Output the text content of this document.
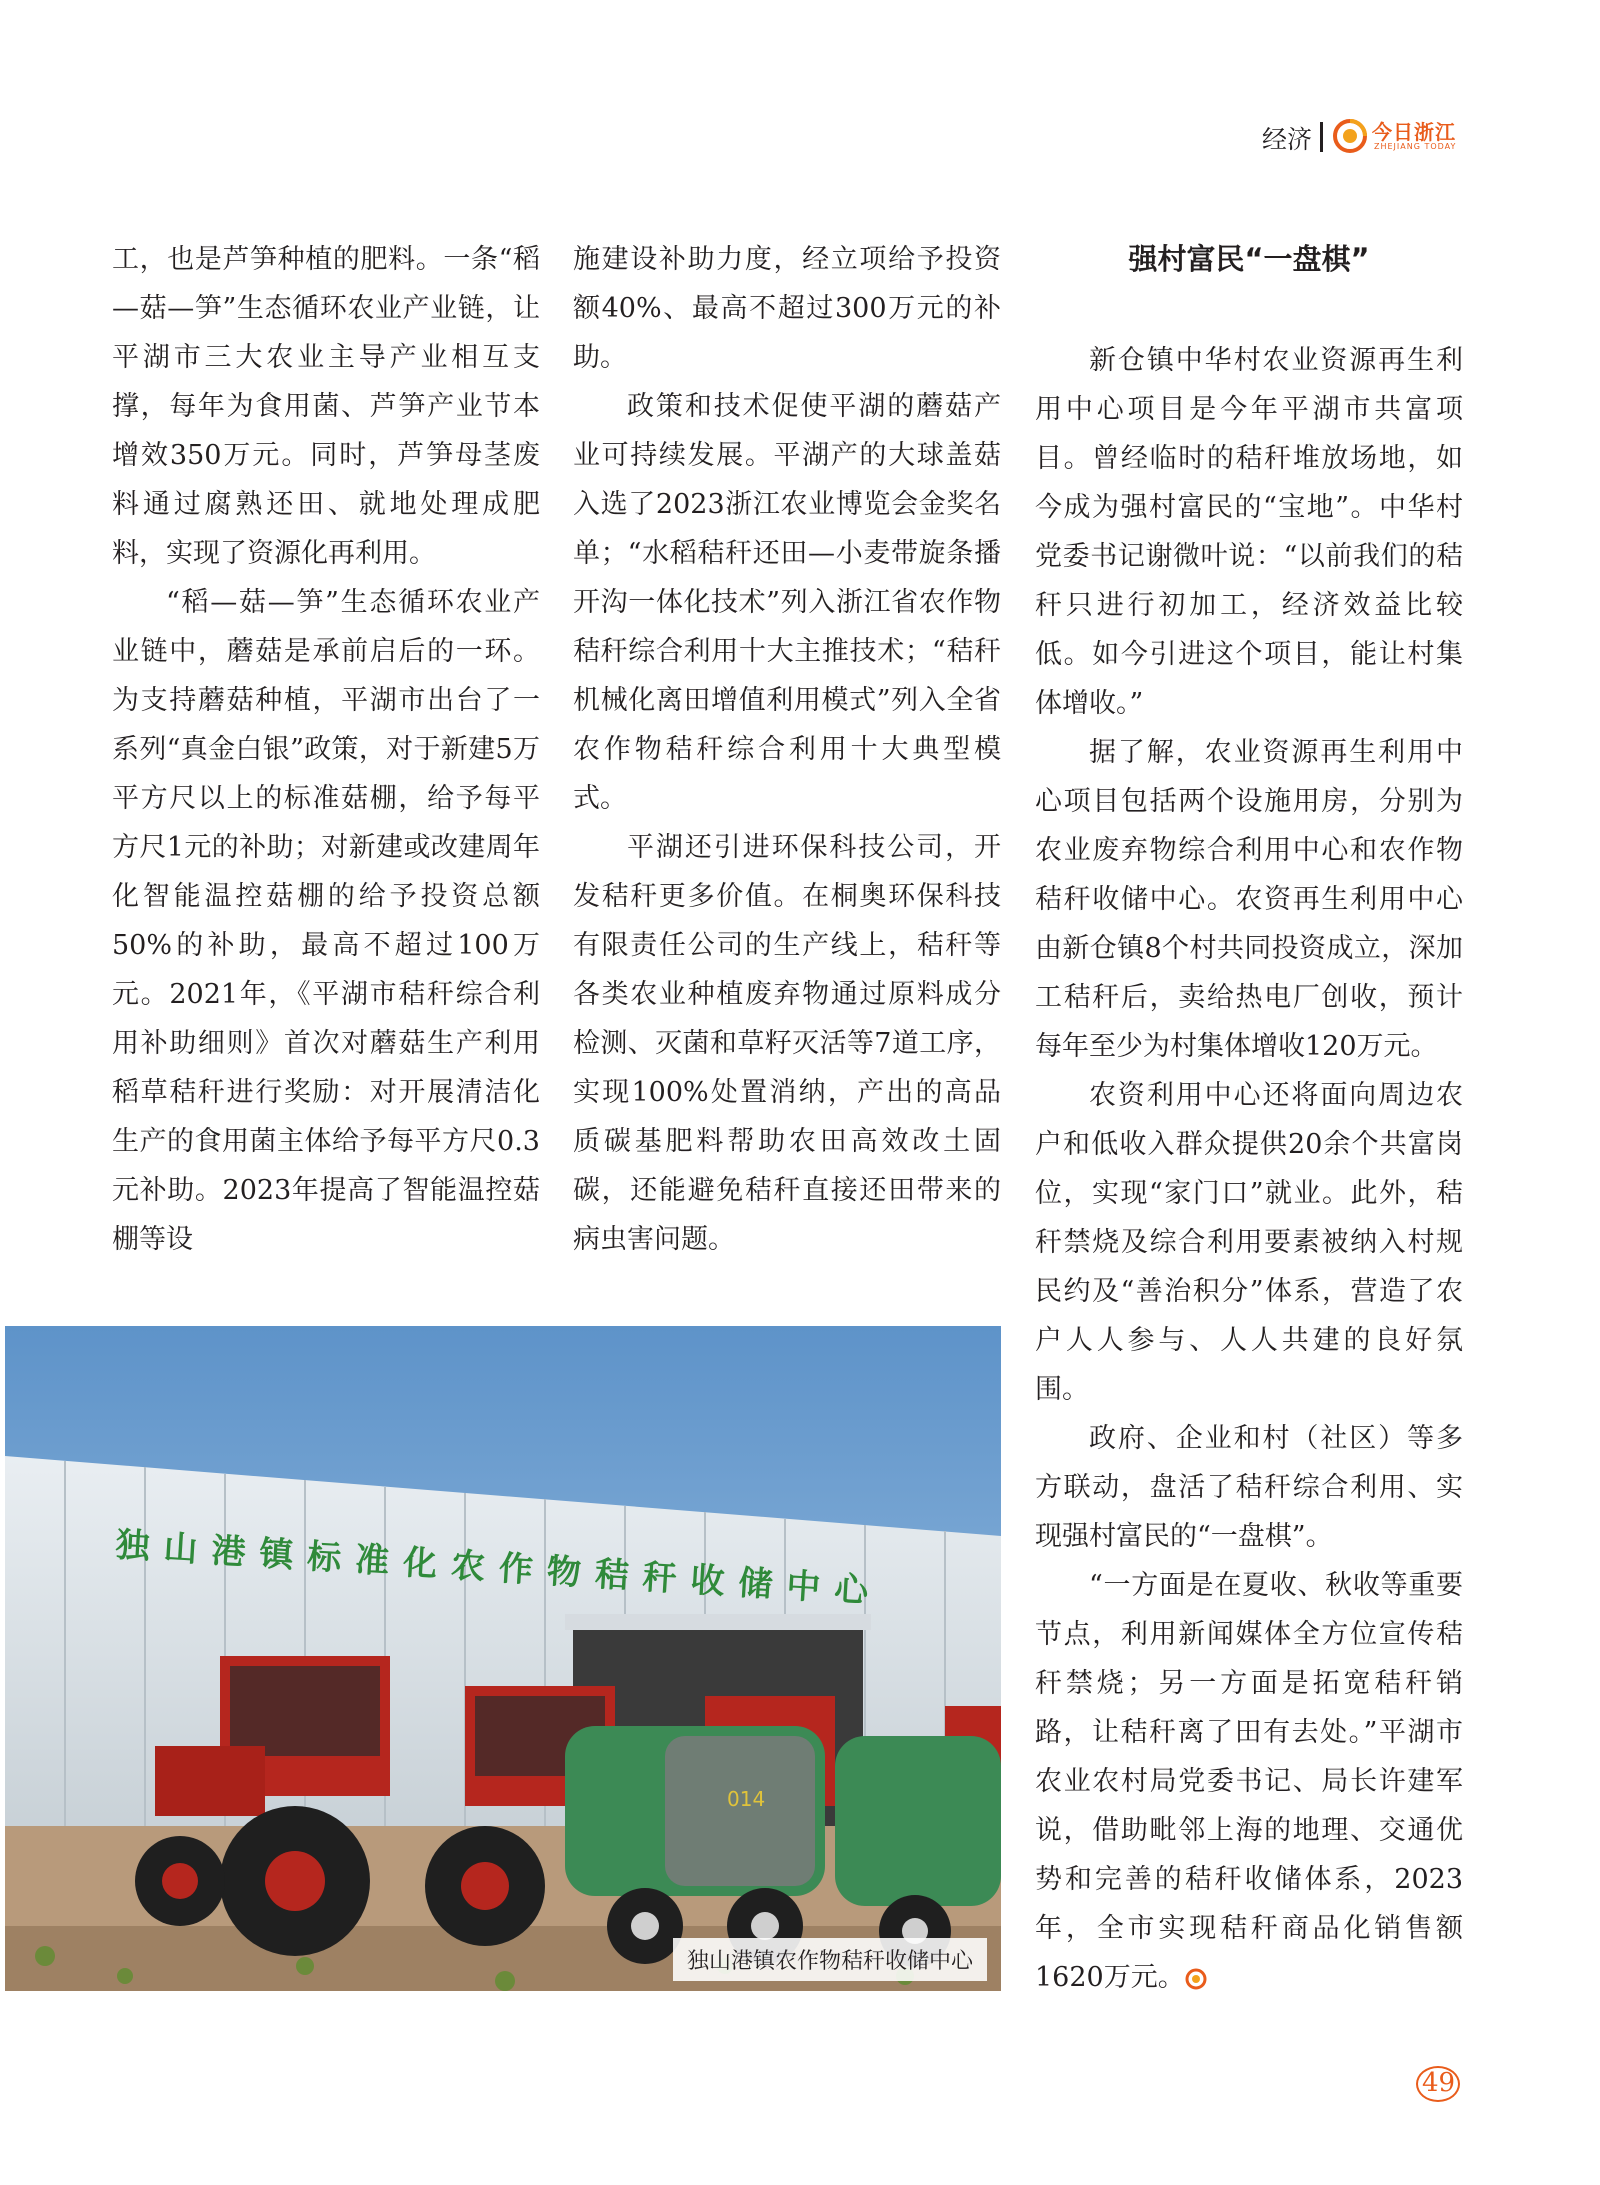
经济	今日浙江
ZHEJIANG TODAY

工，也是芦笋种植的肥料。一条“稻—菇—笋”生态循环农业产业链，让平湖市三大农业主导产业相互支撑，每年为食用菌、芦笋产业节本增效350万元。同时，芦笋母茎废料通过腐熟还田、就地处理成肥料，实现了资源化再利用。

“稻—菇—笋”生态循环农业产业链中，蘑菇是承前启后的一环。为支持蘑菇种植，平湖市出台了一系列“真金白银”政策，对于新建5万平方尺以上的标准菇棚，给予每平方尺1元的补助；对新建或改建周年化智能温控菇棚的给予投资总额50%的补助，最高不超过100万元。2021年，《平湖市秸秆综合利用补助细则》首次对蘑菇生产利用稻草秸秆进行奖励：对开展清洁化生产的食用菌主体给予每平方尺0.3元补助。2023年提高了智能温控菇棚等设

施建设补助力度，经立项给予投资额40%、最高不超过300万元的补助。

政策和技术促使平湖的蘑菇产业可持续发展。平湖产的大球盖菇入选了2023浙江农业博览会金奖名单；“水稻秸秆还田—小麦带旋条播开沟一体化技术”列入浙江省农作物秸秆综合利用十大主推技术；“秸秆机械化离田增值利用模式”列入全省农作物秸秆综合利用十大典型模式。

平湖还引进环保科技公司，开发秸秆更多价值。在桐奥环保科技有限责任公司的生产线上，秸秆等各类农业种植废弃物通过原料成分检测、灭菌和草籽灭活等7道工序，实现100%处置消纳，产出的高品质碳基肥料帮助农田高效改土固碳，还能避免秸秆直接还田带来的病虫害问题。

强村富民“一盘棋”

新仓镇中华村农业资源再生利用中心项目是今年平湖市共富项目。曾经临时的秸秆堆放场地，如今成为强村富民的“宝地”。中华村党委书记谢微叶说：“以前我们的秸秆只进行初加工，经济效益比较低。如今引进这个项目，能让村集体增收。”

据了解，农业资源再生利用中心项目包括两个设施用房，分别为农业废弃物综合利用中心和农作物秸秆收储中心。农资再生利用中心由新仓镇8个村共同投资成立，深加工秸秆后，卖给热电厂创收，预计每年至少为村集体增收120万元。

农资利用中心还将面向周边农户和低收入群众提供20余个共富岗位，实现“家门口”就业。此外，秸秆禁烧及综合利用要素被纳入村规民约及“善治积分”体系，营造了农户人人参与、人人共建的良好氛围。

政府、企业和村（社区）等多方联动，盘活了秸秆综合利用、实现强村富民的“一盘棋”。

“一方面是在夏收、秋收等重要节点，利用新闻媒体全方位宣传秸秆禁烧；另一方面是拓宽秸秆销路，让秸秆离了田有去处。”平湖市农业农村局党委书记、局长许建军说，借助毗邻上海的地理、交通优势和完善的秸秆收储体系，2023年，全市实现秸秆商品化销售额1620万元。

独山港镇标准化农作物秸秆收储中心
014
独山港镇农作物秸秆收储中心
49
